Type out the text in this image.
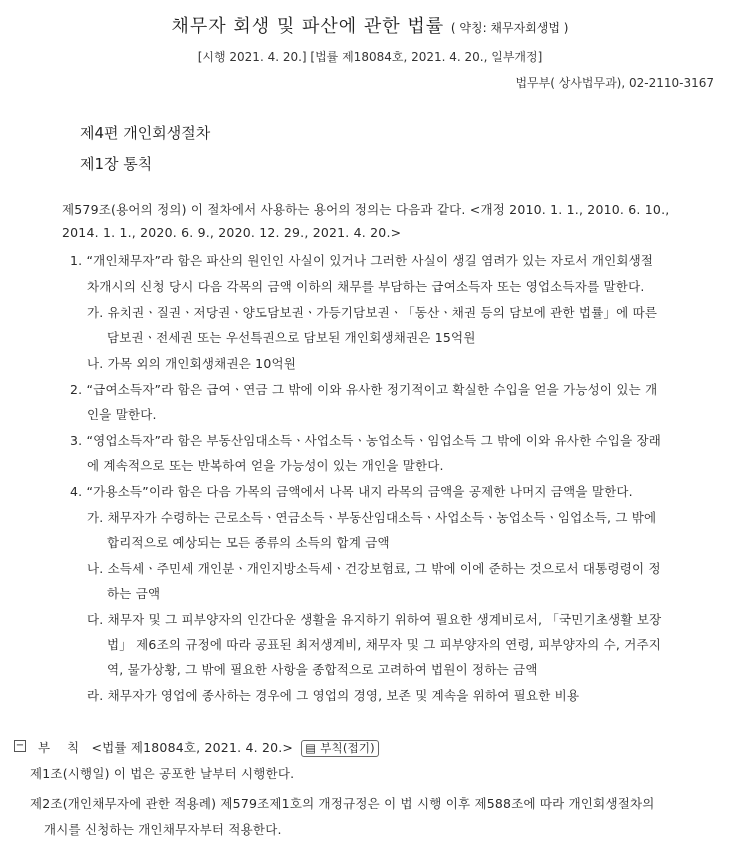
채무자 회생 및 파산에 관한 법률 ( 약칭: 채무자회생법 )
[시행 2021. 4. 20.] [법률 제18084호, 2021. 4. 20., 일부개정]
법무부( 상사법무과), 02-2110-3167
제4편 개인회생절차
제1장 통칙
제579조(용어의 정의) 이 절차에서 사용하는 용어의 정의는 다음과 같다. <개정 2010. 1. 1., 2010. 6. 10.,
2014. 1. 1., 2020. 6. 9., 2020. 12. 29., 2021. 4. 20.>
1. “개인채무자”라 함은 파산의 원인인 사실이 있거나 그러한 사실이 생길 염려가 있는 자로서 개인회생절
차개시의 신청 당시 다음 각목의 금액 이하의 채무를 부담하는 급여소득자 또는 영업소득자를 말한다.
가. 유치권ㆍ질권ㆍ저당권ㆍ양도담보권ㆍ가등기담보권ㆍ「동산ㆍ채권 등의 담보에 관한 법률」에 따른
담보권ㆍ전세권 또는 우선특권으로 담보된 개인회생채권은 15억원
나. 가목 외의 개인회생채권은 10억원
2. “급여소득자”라 함은 급여ㆍ연금 그 밖에 이와 유사한 정기적이고 확실한 수입을 얻을 가능성이 있는 개
인을 말한다.
3. “영업소득자”라 함은 부동산임대소득ㆍ사업소득ㆍ농업소득ㆍ임업소득 그 밖에 이와 유사한 수입을 장래
에 계속적으로 또는 반복하여 얻을 가능성이 있는 개인을 말한다.
4. “가용소득”이라 함은 다음 가목의 금액에서 나목 내지 라목의 금액을 공제한 나머지 금액을 말한다.
가. 채무자가 수령하는 근로소득ㆍ연금소득ㆍ부동산임대소득ㆍ사업소득ㆍ농업소득ㆍ임업소득, 그 밖에
합리적으로 예상되는 모든 종류의 소득의 합계 금액
나. 소득세ㆍ주민세 개인분ㆍ개인지방소득세ㆍ건강보험료, 그 밖에 이에 준하는 것으로서 대통령령이 정
하는 금액
다. 채무자 및 그 피부양자의 인간다운 생활을 유지하기 위하여 필요한 생계비로서, 「국민기초생활 보장
법」 제6조의 규정에 따라 공표된 최저생계비, 채무자 및 그 피부양자의 연령, 피부양자의 수, 거주지
역, 물가상황, 그 밖에 필요한 사항을 종합적으로 고려하여 법원이 정하는 금액
라. 채무자가 영업에 종사하는 경우에 그 영업의 경영, 보존 및 계속을 위하여 필요한 비용
− 부    칙 <법률 제18084호, 2021. 4. 20.> ▤ 부칙(접기)
제1조(시행일) 이 법은 공포한 날부터 시행한다.
제2조(개인채무자에 관한 적용례) 제579조제1호의 개정규정은 이 법 시행 이후 제588조에 따라 개인회생절차의
개시를 신청하는 개인채무자부터 적용한다.
